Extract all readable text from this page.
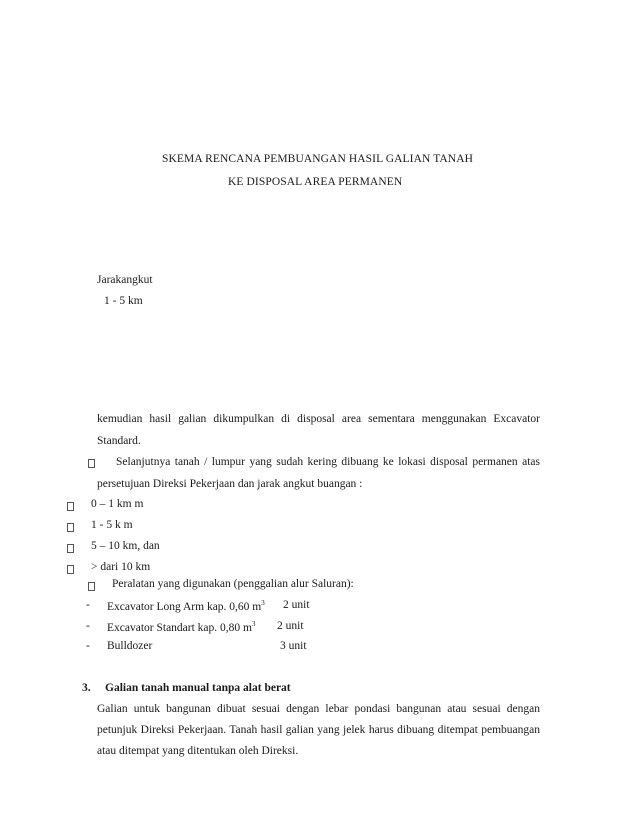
SKEMA RENCANA PEMBUANGAN HASIL GALIAN TANAH
KE DISPOSAL AREA PERMANEN
Jarakangkut
1 - 5 km
kemudian hasil galian dikumpulkan di disposal area sementara menggunakan Excavator
Standard.
Selanjutnya tanah / lumpur yang sudah kering dibuang ke lokasi disposal permanen atas
persetujuan Direksi Pekerjaan dan jarak angkut buangan :
0 – 1 km m
1 - 5 k m
5 – 10 km, dan
> dari 10 km
Peralatan yang digunakan (penggalian alur Saluran):
- Excavator Long Arm kap. 0,60 $m^3$ 2 unit
- Excavator Standart kap. 0,80 $m^3$ 2 unit
- Bulldozer	3 unit
3. Galian tanah manual tanpa alat berat
Galian untuk bangunan dibuat sesuai dengan lebar pondasi bangunan atau sesuai dengan
petunjuk Direksi Pekerjaan. Tanah hasil galian yang jelek harus dibuang ditempat pembuangan
atau ditempat yang ditentukan oleh Direksi.
